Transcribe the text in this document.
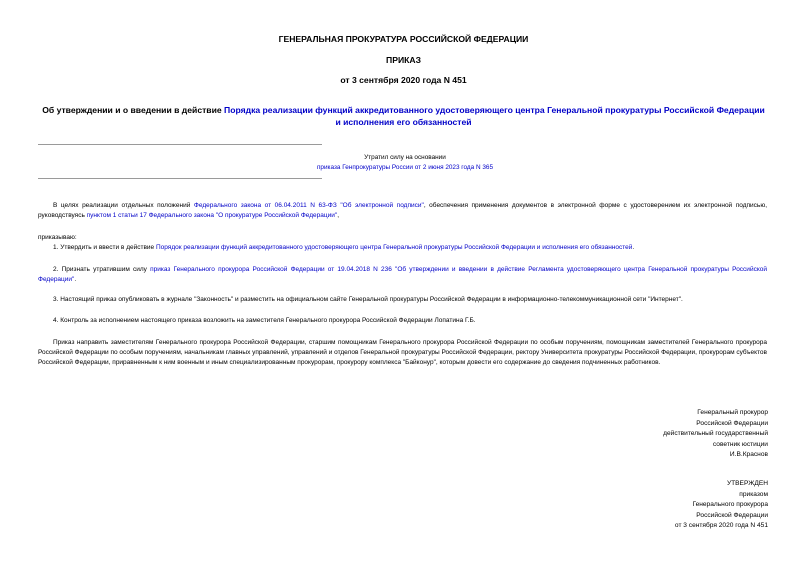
ГЕНЕРАЛЬНАЯ ПРОКУРАТУРА РОССИЙСКОЙ ФЕДЕРАЦИИ
ПРИКАЗ
от 3 сентября 2020 года N 451
Об утверждении и о введении в действие Порядка реализации функций аккредитованного удостоверяющего центра Генеральной прокуратуры Российской Федерации и исполнения его обязанностей
Утратил силу на основании
приказа Генпрокуратуры России от 2 июня 2023 года N 365
В целях реализации отдельных положений Федерального закона от 06.04.2011 N 63-ФЗ "Об электронной подписи", обеспечения применения документов в электронной форме с удостоверением их электронной подписью, руководствуясь пунктом 1 статьи 17 Федерального закона "О прокуратуре Российской Федерации",
приказываю:
1. Утвердить и ввести в действие Порядок реализации функций аккредитованного удостоверяющего центра Генеральной прокуратуры Российской Федерации и исполнения его обязанностей.
2. Признать утратившим силу приказ Генерального прокурора Российской Федерации от 19.04.2018 N 236 "Об утверждении и введении в действие Регламента удостоверяющего центра Генеральной прокуратуры Российской Федерации".
3. Настоящий приказ опубликовать в журнале "Законность" и разместить на официальном сайте Генеральной прокуратуры Российской Федерации в информационно-телекоммуникационной сети "Интернет".
4. Контроль за исполнением настоящего приказа возложить на заместителя Генерального прокурора Российской Федерации Лопатина Г.Б.
Приказ направить заместителям Генерального прокурора Российской Федерации, старшим помощникам Генерального прокурора Российской Федерации по особым поручениям, помощникам заместителей Генерального прокурора Российской Федерации по особым поручениям, начальникам главных управлений, управлений и отделов Генеральной прокуратуры Российской Федерации, ректору Университета прокуратуры Российской Федерации, прокурорам субъектов Российской Федерации, приравненным к ним военным и иным специализированным прокурорам, прокурору комплекса "Байконур", которым довести его содержание до сведения подчиненных работников.
Генеральный прокурор
Российской Федерации
действительный государственный
советник юстиции
И.В.Краснов
УТВЕРЖДЕН
приказом
Генерального прокурора
Российской Федерации
от 3 сентября 2020 года N 451
